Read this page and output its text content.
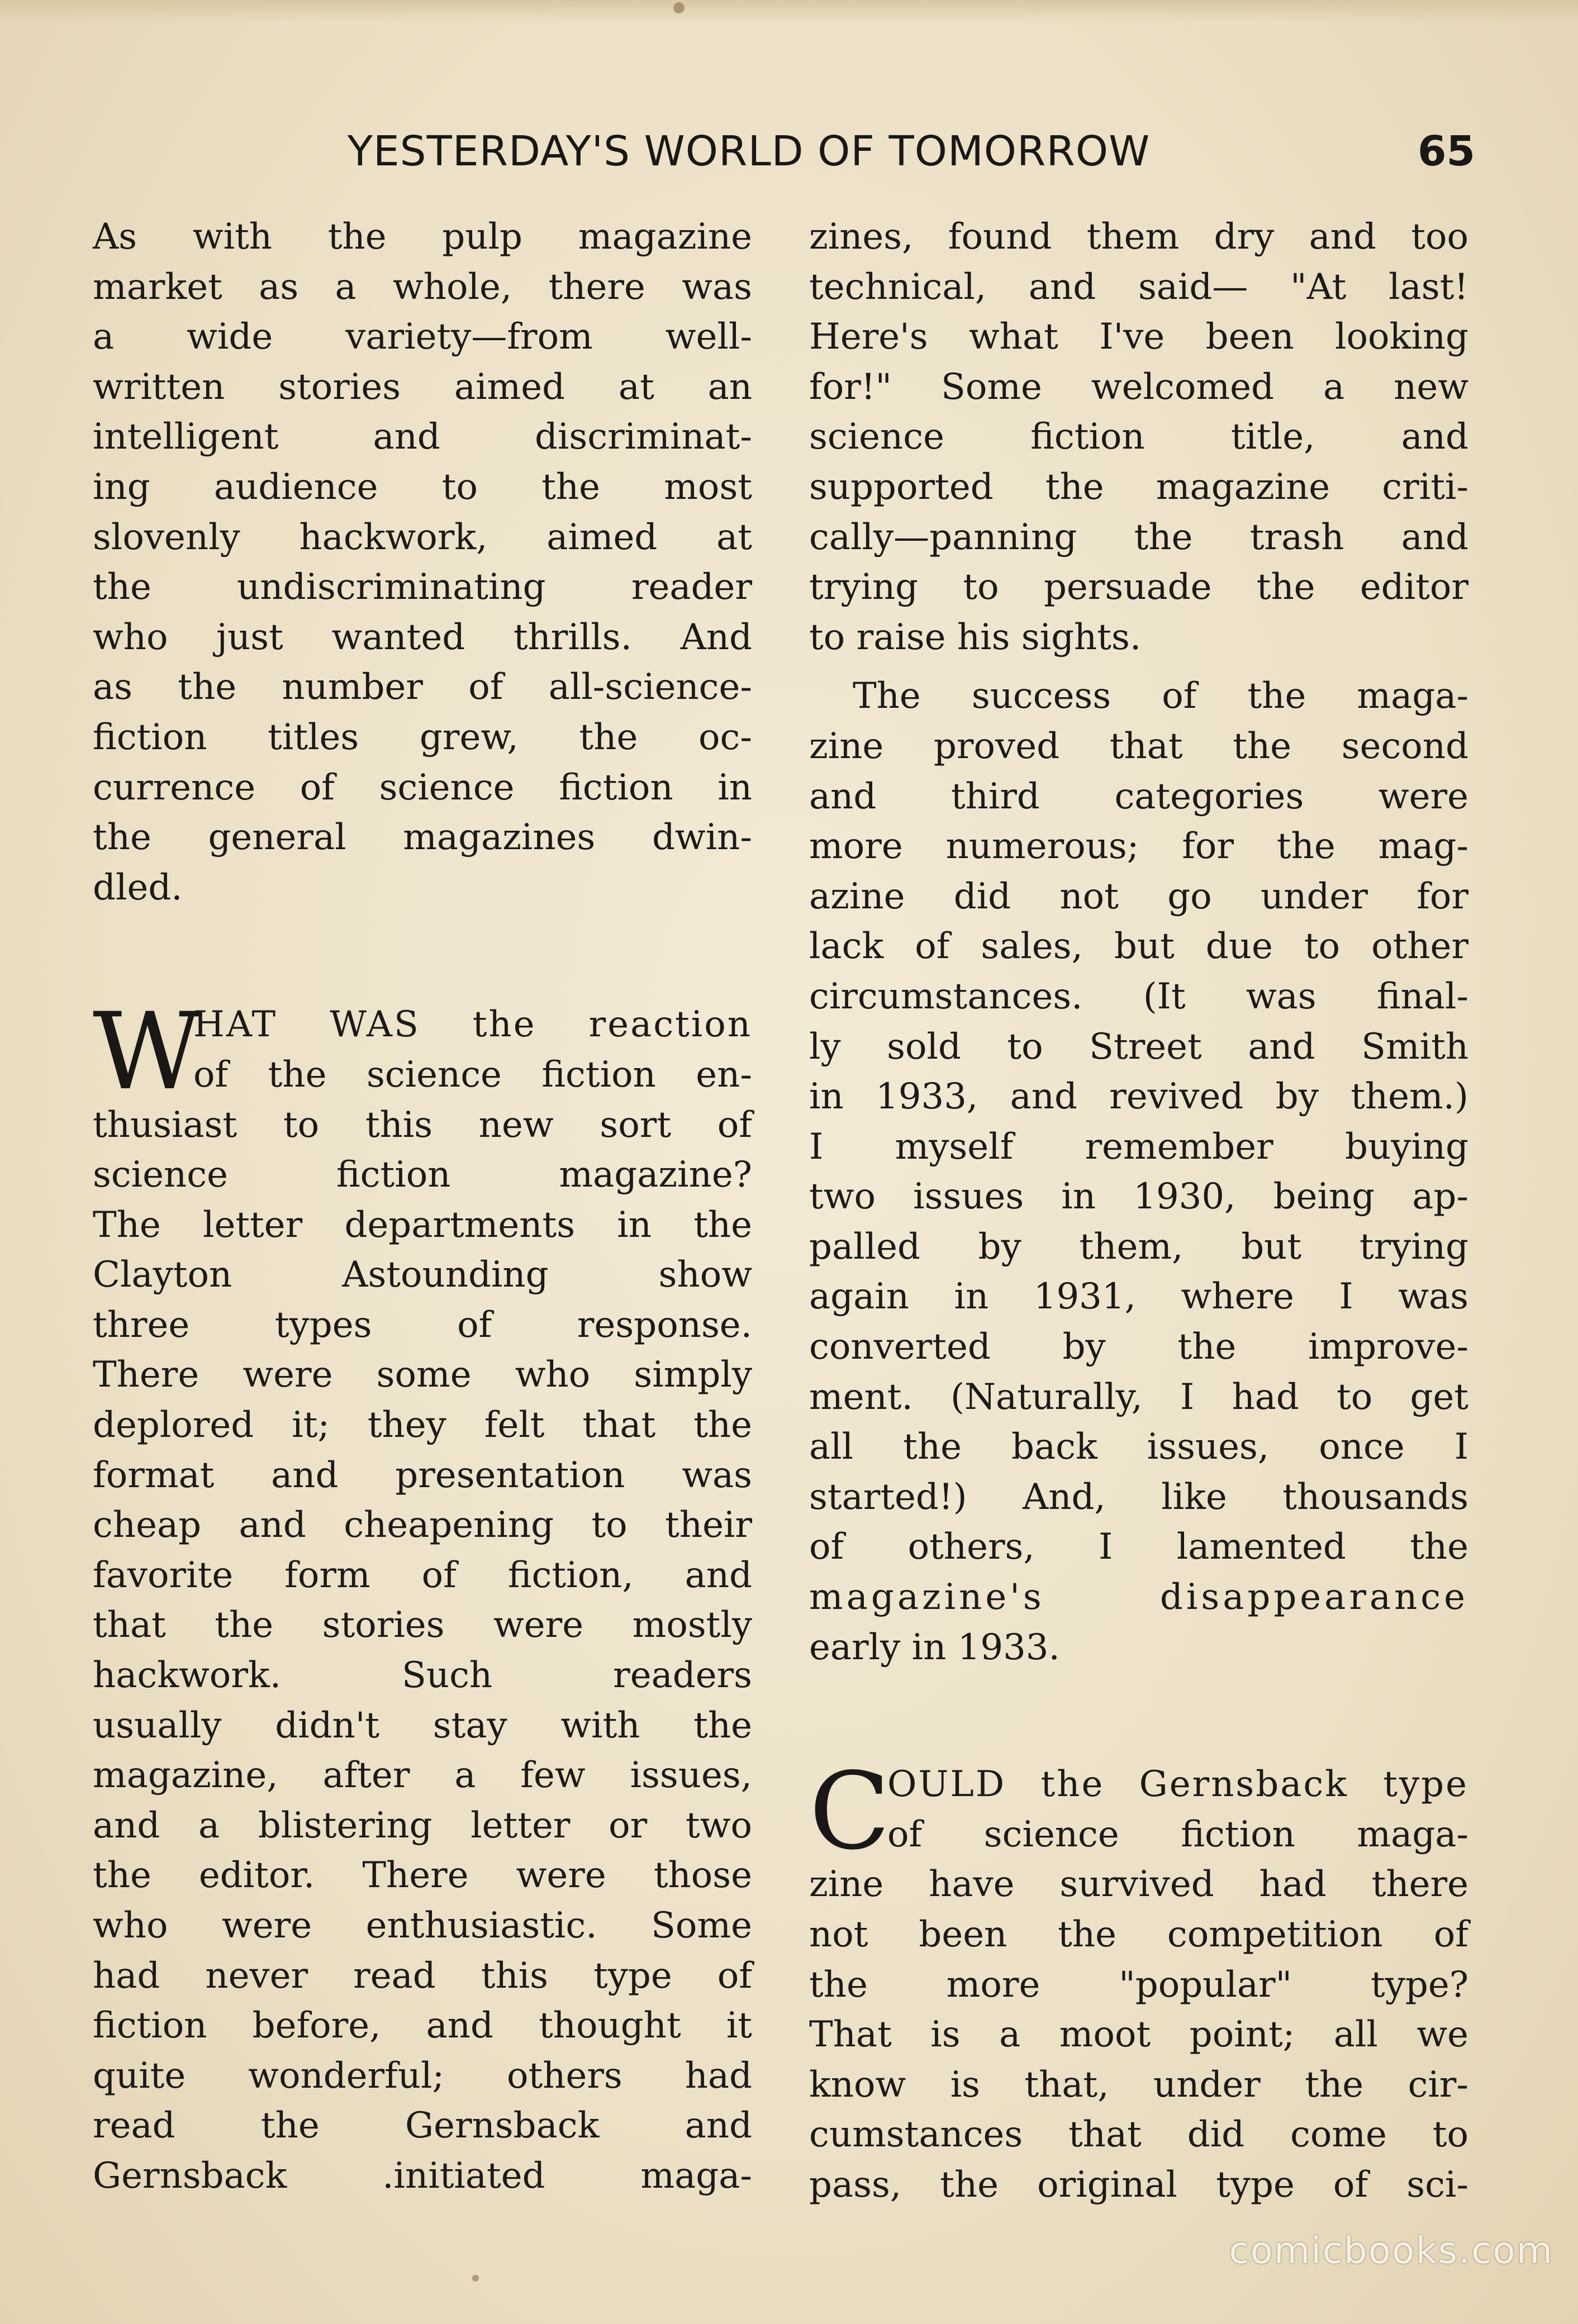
YESTERDAY'S WORLD OF TOMORROW	65
As with the pulp magazine
market as a whole, there was
a wide variety—from well-
written stories aimed at an
intelligent and discriminat-
ing audience to the most
slovenly hackwork, aimed at
the undiscriminating reader
who just wanted thrills. And
as the number of all-science-
fiction titles grew, the oc-
currence of science fiction in
the general magazines dwin-
dled.
W
HAT WAS the reaction
of the science fiction en-
thusiast to this new sort of
science fiction magazine?
The letter departments in the
Clayton Astounding show
three types of response.
There were some who simply
deplored it; they felt that the
format and presentation was
cheap and cheapening to their
favorite form of fiction, and
that the stories were mostly
hackwork. Such readers
usually didn't stay with the
magazine, after a few issues,
and a blistering letter or two
the editor. There were those
who were enthusiastic. Some
had never read this type of
fiction before, and thought it
quite wonderful; others had
read the Gernsback and
Gernsback .initiated maga-
zines, found them dry and too
technical, and said— "At last!
Here's what I've been looking
for!" Some welcomed a new
science fiction title, and
supported the magazine criti-
cally—panning the trash and
trying to persuade the editor
to raise his sights.
The success of the maga-
zine proved that the second
and third categories were
more numerous; for the mag-
azine did not go under for
lack of sales, but due to other
circumstances. (It was final-
ly sold to Street and Smith
in 1933, and revived by them.)
I myself remember buying
two issues in 1930, being ap-
palled by them, but trying
again in 1931, where I was
converted by the improve-
ment. (Naturally, I had to get
all the back issues, once I
started!) And, like thousands
of others, I lamented the
magazine's disappearance
early in 1933.
C
OULD the Gernsback type
of science fiction maga-
zine have survived had there
not been the competition of
the more "popular" type?
That is a moot point; all we
know is that, under the cir-
cumstances that did come to
pass, the original type of sci-
comicbooks.com
